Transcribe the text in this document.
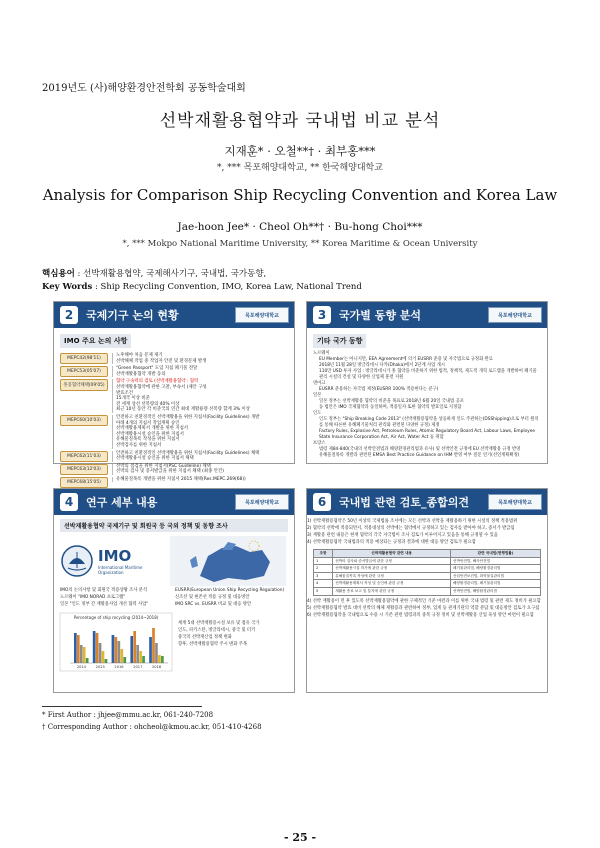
2019년도 (사)해양환경안전학회 공동학술대회
선박재활용협약과 국내법 비교 분석
지재훈* · 오철**† · 최부홍***
*, *** 목포해양대학교, ** 한국해양대학교
Analysis for Comparison Ship Recycling Convention and Korea Law
Jae-hoon Jee* · Cheol Oh**† · Bu-hong Choi***
*, *** Mokpo National Maritime University, ** Korea Maritime & Ocean University
핵심용어 : 선박재활용협약, 국제해사기구, 국내법, 국가동향,
Key Words : Ship Recycling Convention, IMO, Korea Law, National Trend
2	국제기구 논의 현황	목포해양대학교
IMO 주요 논의 사항
MEPC42(98'11)
노후해야 처음 문제 제기
선박해체 작업 중 작업자 안전 및 환경문제 발생
MEPC53(05'07)
"Green Passport" 도입 지침 폐기물 전달
선박재활용협약 개발 동의
홍콩협약채택(09'05)
협약 구속력의 검토 (선박재활용협약 : 협력
선박재활용협약에 관한 고찰, 부속서 (제안 구성
발효조건
15개국 이상 비준
전 세계 상선 선복량의 40% 이상
최근 10년 동안 각 비준국의 연간 최대 재활용량 선복량 합계 3% 이상
MEPC60(10'03)
안전하고 친환경적인 선박재활용을 위한 지침서(Facility Guidelines) 개발
아래 4개의 지침서 작업계획 승인
선박재활용계획서 개발을 위한 지침서
선박재활용시설 승인을 위한 지침서
유해물질목록 작성을 위한 지침서
선박검사를 위한 지침서
MEPC62(11'03)
안전하고 친환경적인 선박재활용을 위한 지침서(Facility Guidelines) 채택
선박재활용시설 승인을 위한 지침서 채택
MEPC63(12'03)
선박의 점검을 위한 지침서(PSC Guideline) 채택
선박의 검사 및 증서발급을 위한 지침서 채택 (최종 안건)
MEPC68(15'05)
유해물질목록 개발을 위한 지침서 2015 채택(Res.MEPC.269(68))
3	국가별 동향 분석	목포해양대학교
기타 국가 동향
노르웨이
EU Member는 아니지만, EEA Agreement에 의거 EUSRR 준용 및 자국법으로 규정화 완료
2018년 11월 28일 방글라데시 다카(Dhaka)에서 2단계 사업 개시
110만 USD 투자 사업 : 방글라데시가 홍 협약을 비준하기 위한 법적, 정책적, 제도적 개혁 로드맵을 개발하여 폐기물 관리 시설의 건설 및 다양한 산업체 훈련 지원
덴마크
EUSRR 준용하는 자국법 제정(EUSRR 100% 적용한다는 분구)
일본
일본 정부는 선박재활용 협약의 비준을 목표로 2018년 6월 20일 국내법 공포
동 법안은 IMO 국제협약과 동일하며, 적용일자 또한 협약의 발효일로 지정함
인도
인도 정부는 "Ship Breaking Code 2013" (선박재활용협약을 상응하게 인도 주관하는(DSShipping)으로 부터 원의를 통해 따른한 유해폐기물처리 관리와 관련된 다양한 규정) 제정
Factory Rules, Explosive Act, Petroleum Rules, Atomic Regulatory Board Act, Labour Laws, Employee State Insurance Corporation Act, Air Act, Water Act 등 취합
프랑스
법령 제84-840(국내의 선박안전법과 해양환경관리법과 유사) 및 선박안전 규정에 EU 선박재활용 규정 반영
유해물질목록 개발과 관련된 EMSA Best Practice Guidance on IHM 반영 여부 질문 연기(선언계획확정)
4	연구 세부 내용	목포해양대학교
선박재활용협약 국제기구 및 회원국 등 국외 정책 및 동향 조사
IMO
International Maritime
Organization
IMO의 논의사항 및 회원국 적용상황 조사 분석
노르웨이 "IMO NORAD 프로그램"
일본 "인도 정부 간 재활용사업 개선 협력 사업"
EUSRR(European Union Ship Recycling Regulation)
신조선 및 현존선 적용 규정 및 대응방안
IMO SRC vs. EUSRR 비교 및 대응 방안
Percentage of ship recycling (2014~2018)
2014	2015	2016	2017	2018
세계 5대 선박재활용시설 보유 및 점유 국가
인도, 파키스탄, 방글라데시, 중국 및 터키
중국의 선박재산업 정책 변화
향후, 선박재활용협약 주시 변화 주목
6	국내법 관련 검토_종합의견	목포해양대학교
1) 선박재활용협약은 50년 이상의 국제법률 조서에는 모든 선박과 선박을 재활용하기 위한 시설의 정책 적용범위
2) 협약의 선박에 적용되면서, 적용대상의 선박에는 협약에서 규정하고 있는 검사를 받아야 하고, 증서가 발급됨
3) 재활용 관련 내용은 현재 협약의 각국 자국법이 조사 검토가 이루어지고 있음을 통해 규정될 수 있음
4) 선박재활용협약 국내법과의 적용 예상되는 규정과 결과에 대한 대응 방안 검토가 필요함
조항	선박재활용협약 관련 내용	관련 국내법(현행법률)
1	선박의 검사와 증서발급에 관한 규정	선박안전법, 해사안전법
2	선박재활용시설 허가에 관한 규정	폐기물관리법, 해양환경관리법
3	유해물질목록 작성에 관한 규정	산업안전보건법, 화학물질관리법
4	선박재활용계획서 작성 및 승인에 관한 규정	해양환경관리법, 폐기물관리법
5	재활용 종료 보고 및 통지에 관한 규정	선박안전법, 해양환경관리법
4) 선박 재활용이 먼 후 있도록 선박재활용협약에 관한 구체적인 기준 마련과 이를 위한 국내 법령 및 관련 제도 정비가 필요함
5) 선박재활용협약 발효 대비 선박의 해체 재활용과 관련하여 정부, 업계 등 관계기관의 역할 분담 및 대응방안 검토가 요구됨
6) 선박재활용협약을 국내법으로 수용 시 기존 관련 법령과의 중복 규정 정비 및 선박재활용 산업 육성 방안 마련이 필요함
* First Author : jhjee@mmu.ac.kr, 061-240-7208
† Corresponding Author : ohcheol@kmou.ac.kr, 051-410-4268
- 25 -
